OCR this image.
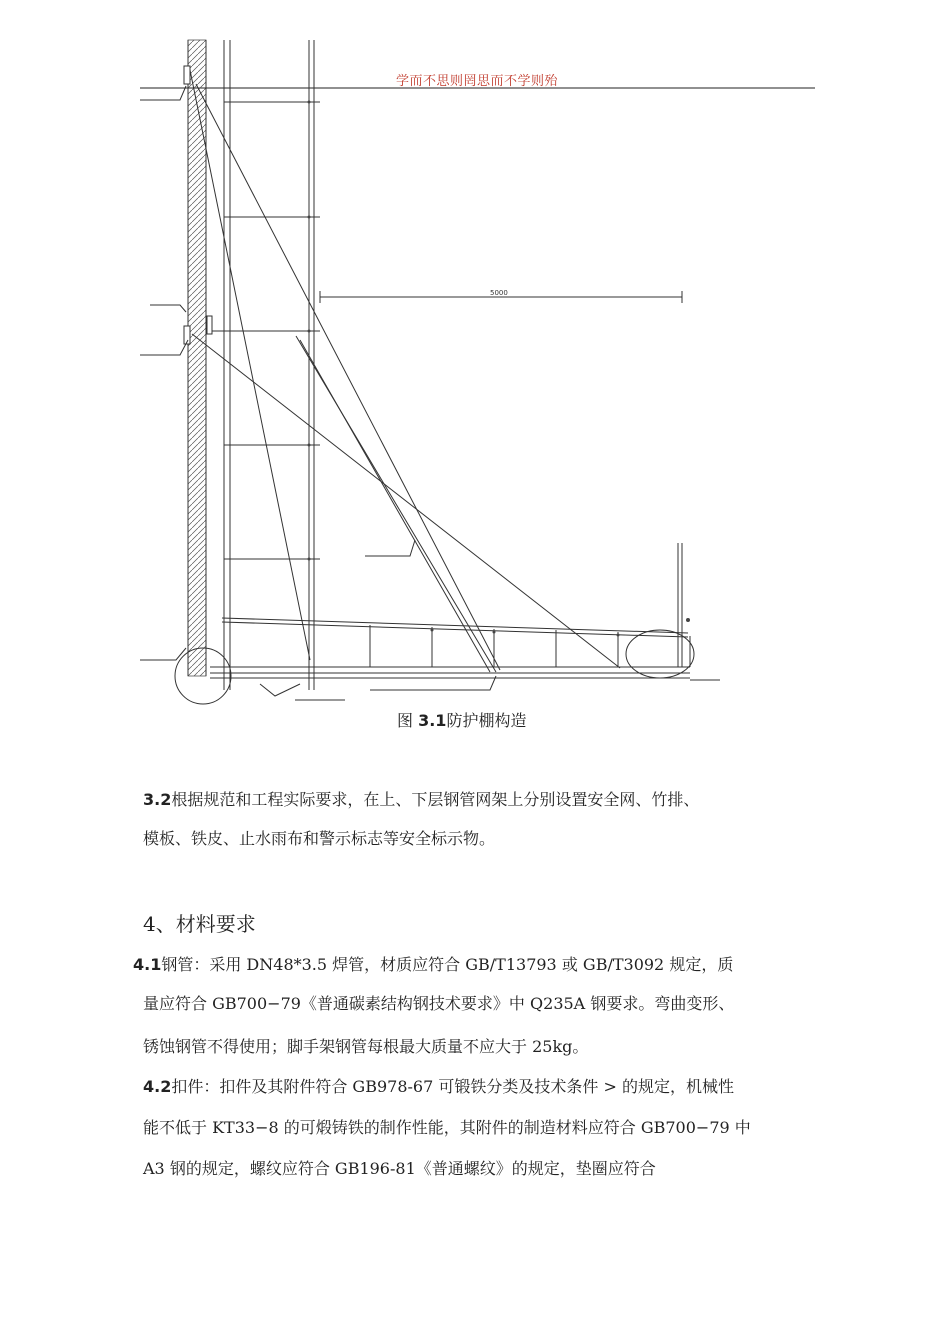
学而不思则罔思而不学则殆
5000
图 3.1防护棚构造
3.2根据规范和工程实际要求，在上、下层钢管网架上分别设置安全网、竹排、
模板、铁皮、止水雨布和警示标志等安全标示物。
4、材料要求
4.1钢管：采用 DN48*3.5 焊管，材质应符合 GB/T13793 或 GB/T3092 规定，质
量应符合 GB700−79《普通碳素结构钢技术要求》中 Q235A 钢要求。弯曲变形、
锈蚀钢管不得使用；脚手架钢管每根最大质量不应大于 25kg。
4.2扣件：扣件及其附件符合 GB978-67 可锻铁分类及技术条件 > 的规定，机械性
能不低于 KT33−8 的可煅铸铁的制作性能，其附件的制造材料应符合 GB700−79 中
A3 钢的规定，螺纹应符合 GB196-81《普通螺纹》的规定，垫圈应符合
